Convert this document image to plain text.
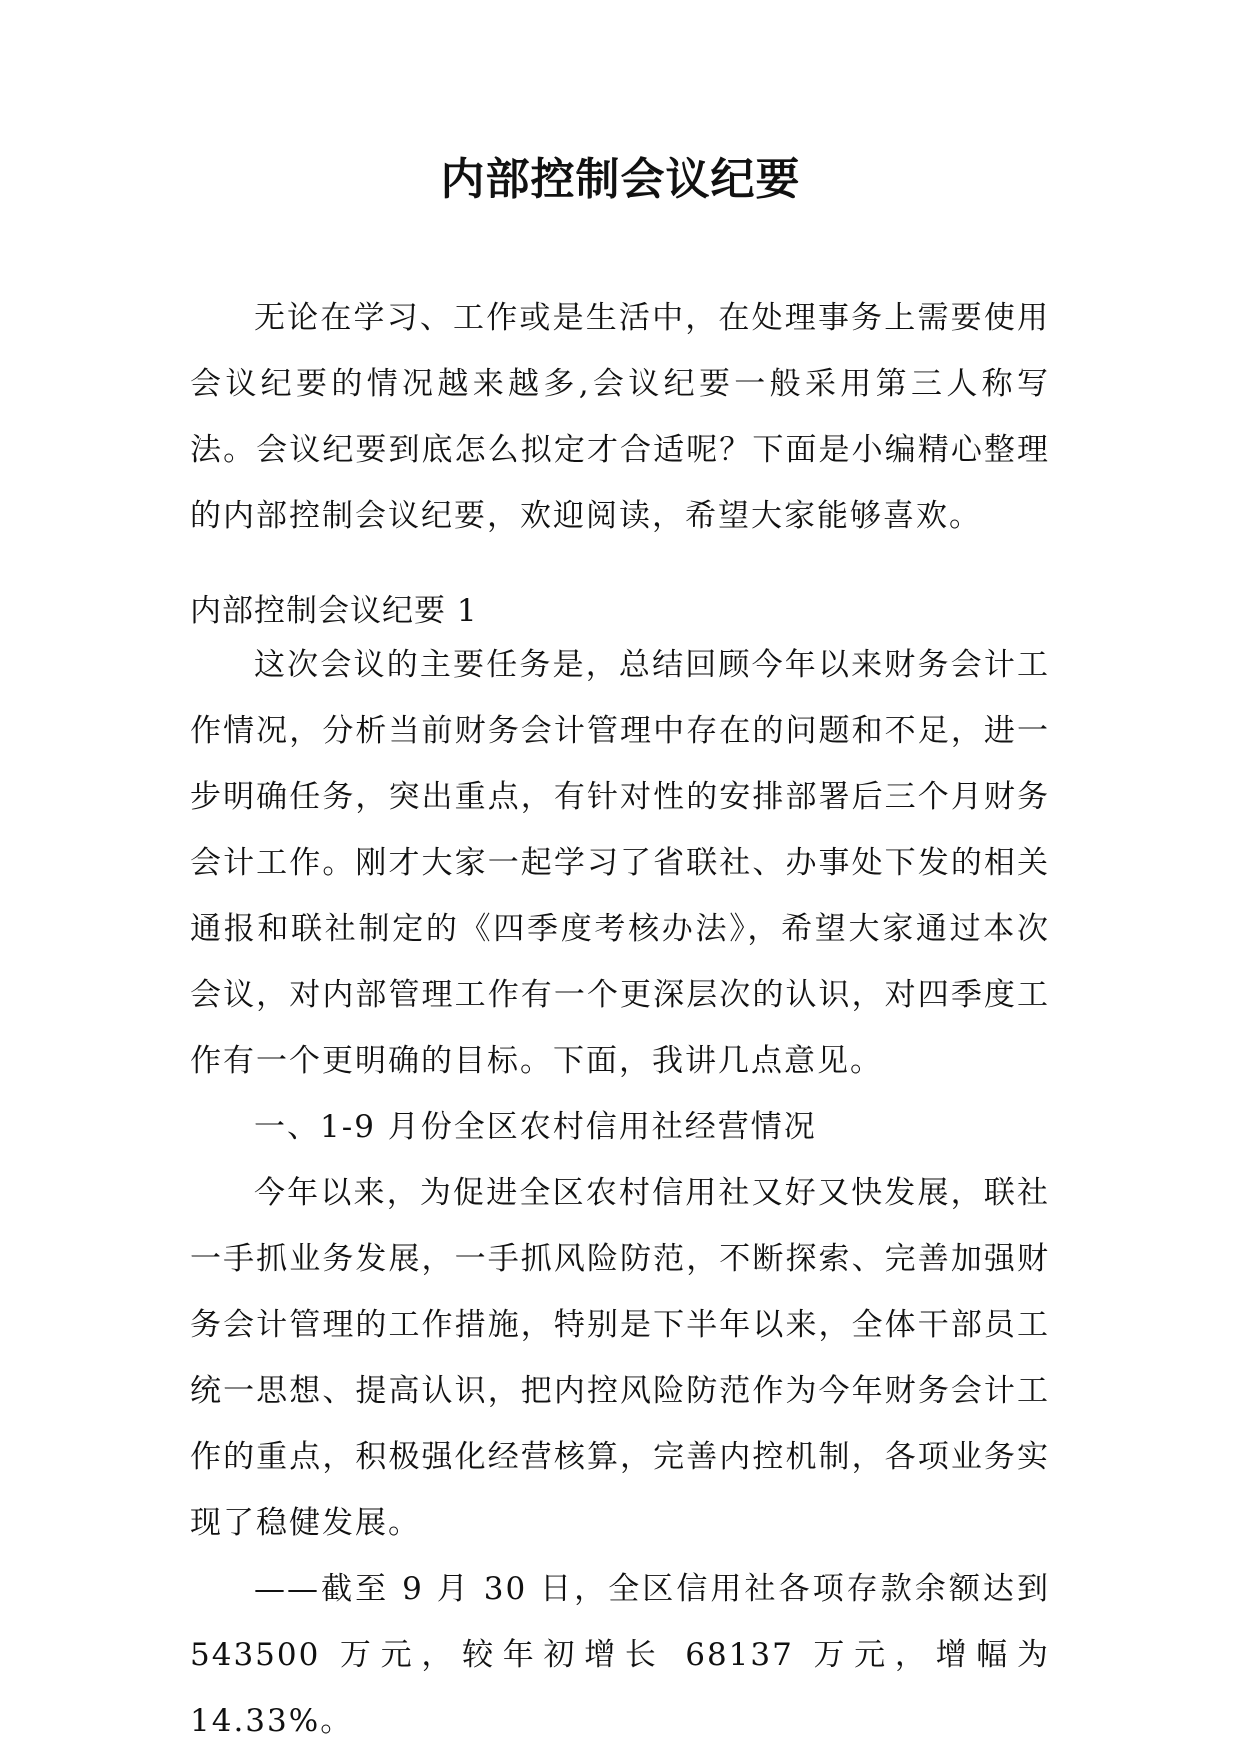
内部控制会议纪要

无论在学习、工作或是生活中，在处理事务上需要使用会议纪要的情况越来越多,会议纪要一般采用第三人称写法。会议纪要到底怎么拟定才合适呢？下面是小编精心整理的内部控制会议纪要，欢迎阅读，希望大家能够喜欢。

内部控制会议纪要 1

这次会议的主要任务是，总结回顾今年以来财务会计工作情况，分析当前财务会计管理中存在的问题和不足，进一步明确任务，突出重点，有针对性的安排部署后三个月财务会计工作。刚才大家一起学习了省联社、办事处下发的相关通报和联社制定的《四季度考核办法》，希望大家通过本次会议，对内部管理工作有一个更深层次的认识，对四季度工作有一个更明确的目标。下面，我讲几点意见。

一、1-9 月份全区农村信用社经营情况

今年以来，为促进全区农村信用社又好又快发展，联社一手抓业务发展，一手抓风险防范，不断探索、完善加强财务会计管理的工作措施，特别是下半年以来，全体干部员工统一思想、提高认识，把内控风险防范作为今年财务会计工作的重点，积极强化经营核算，完善内控机制，各项业务实现了稳健发展。

——截至 9 月 30 日，全区信用社各项存款余额达到 543500 万元，较年初增长 68137 万元，增幅为 14.33%。
